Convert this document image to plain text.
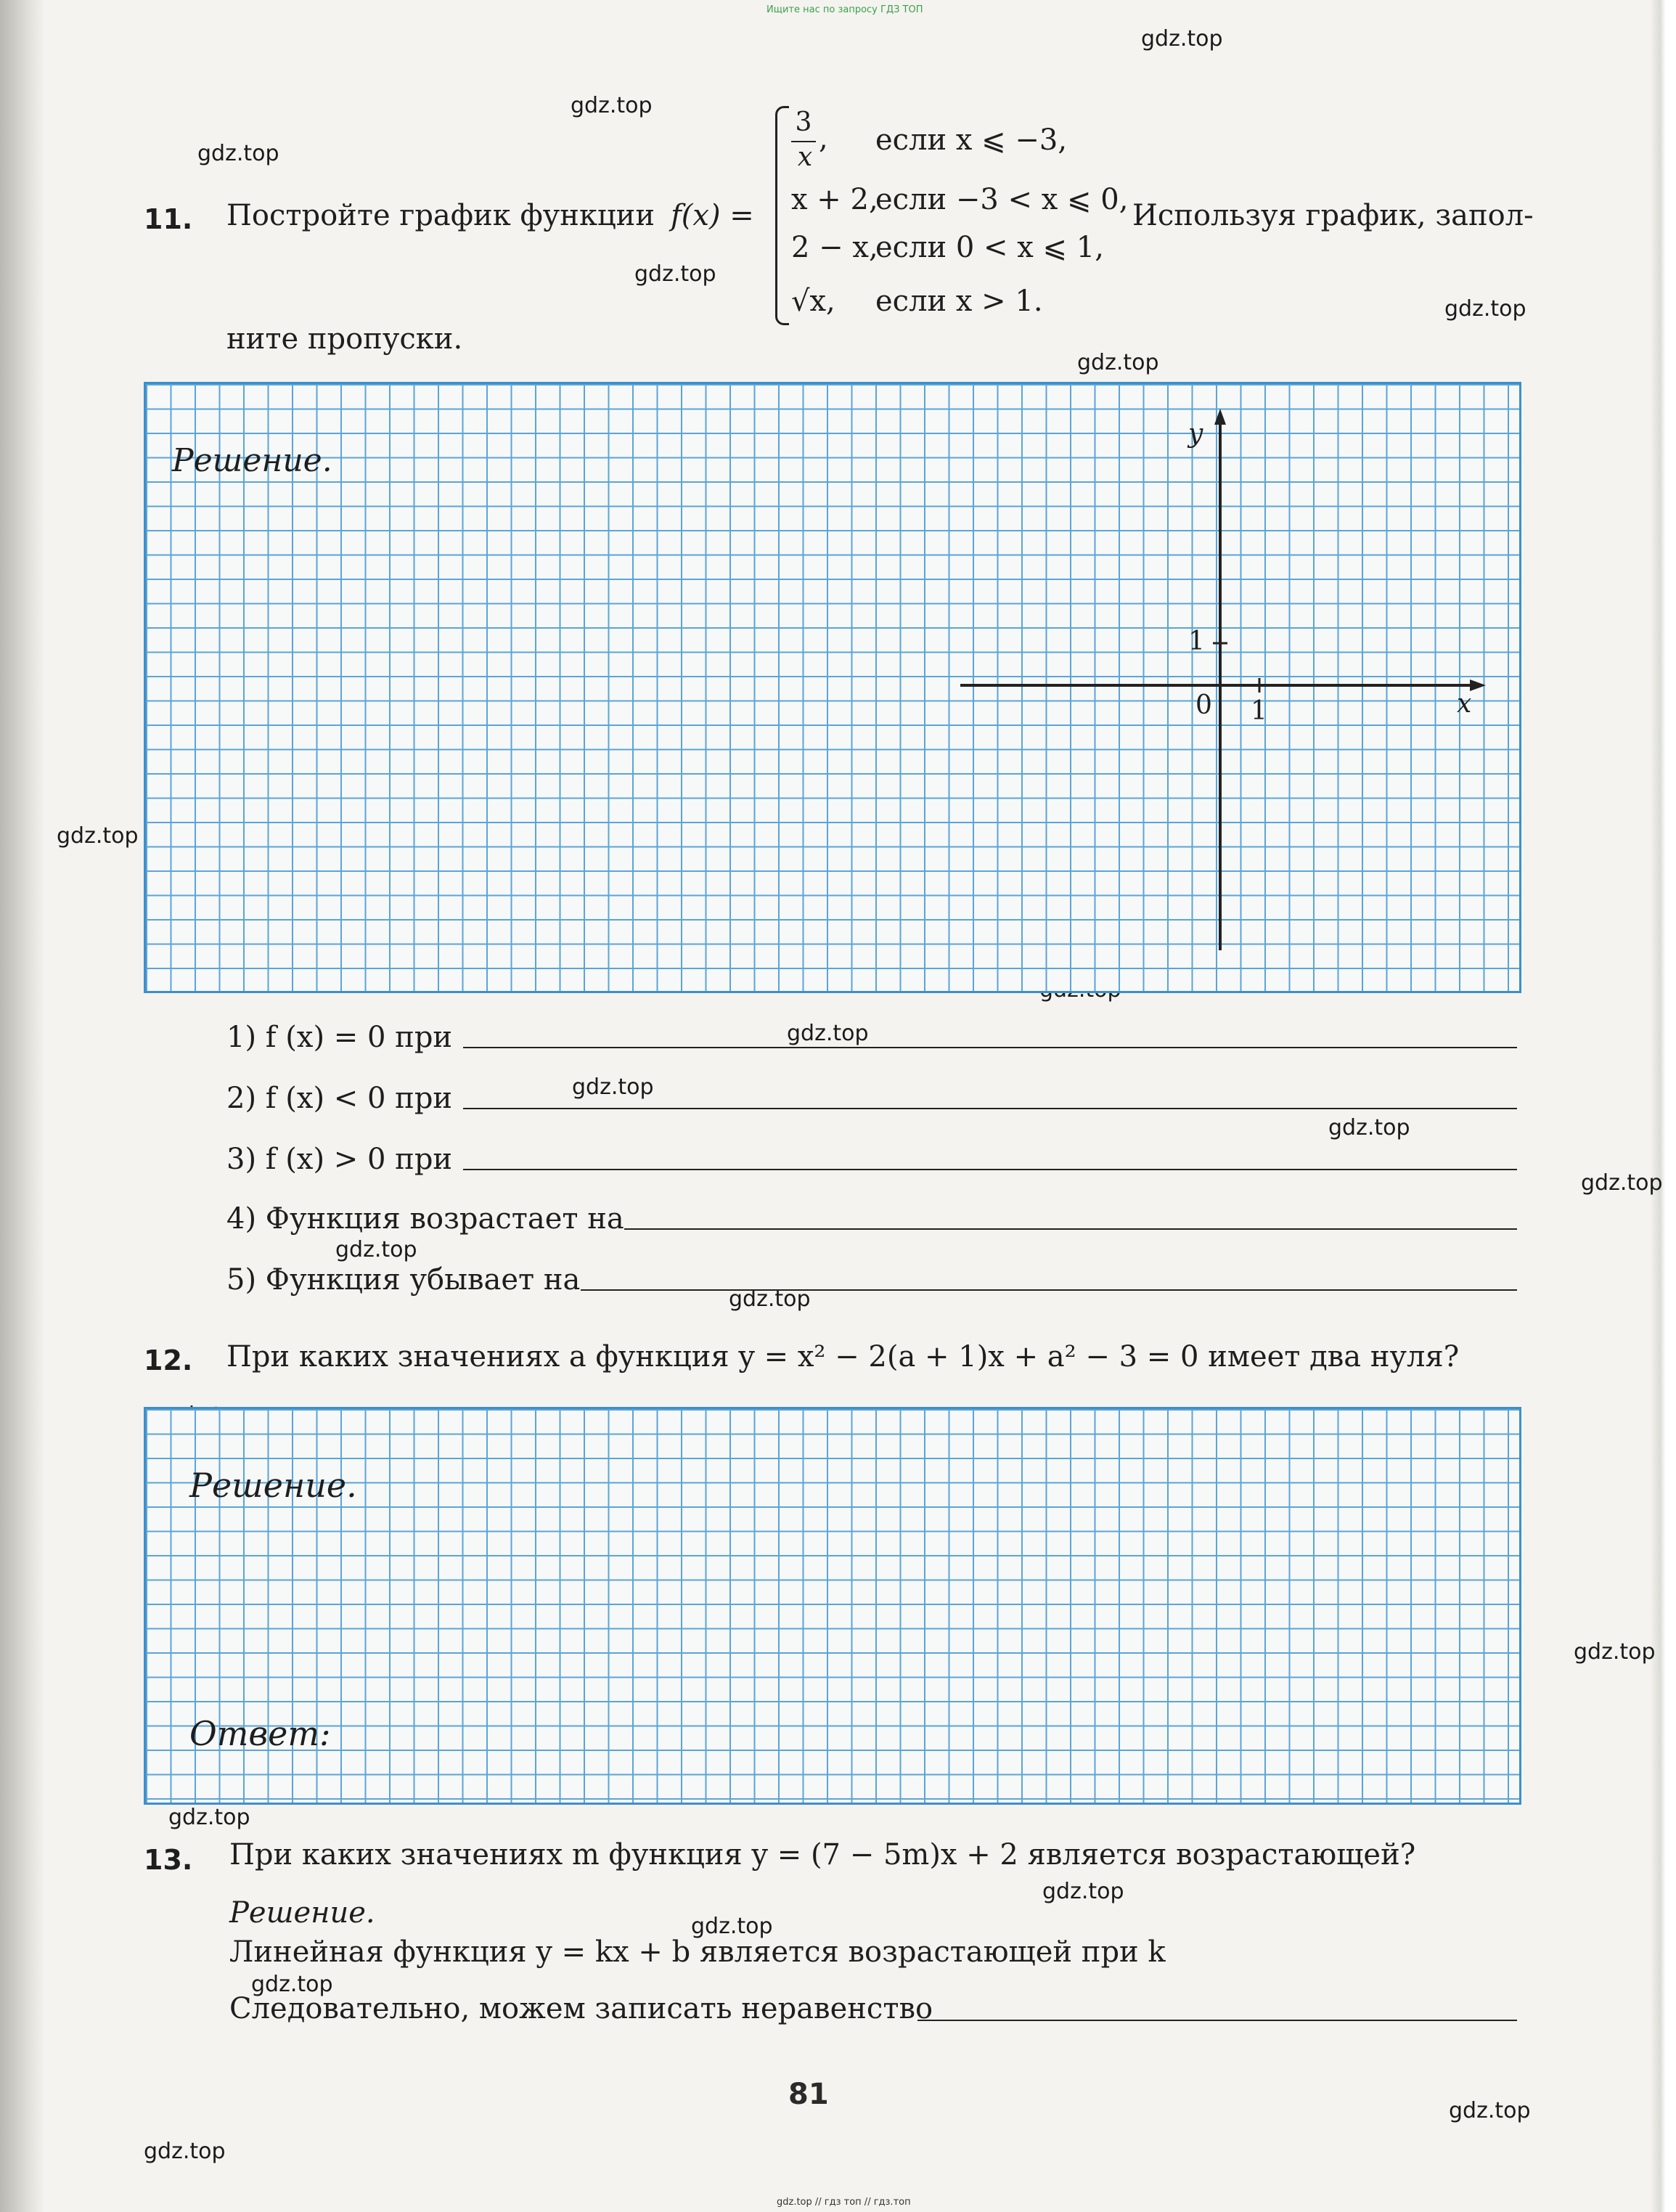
Ищите нас по запросу ГДЗ ТОП
gdz.top
gdz.top
gdz.top
gdz.top
gdz.top
gdz.top
gdz.top
gdz.top
gdz.top
gdz.top
gdz.top
gdz.top
gdz.top
gdz.top
gdz.top
gdz.top
gdz.top
gdz.top
gdz.top
gdz.top
11. Постройте график функции f(x) =
3
x
, если x ⩽ −3,
x + 2,
если −3 < x ⩽ 0,
2 − x,
если 0 < x ⩽ 1,
√x, если x > 1.
Используя график, запол-
ните пропуски.
Решение.
y
x
0 1
1
1) f (x) = 0 при
2) f (x) < 0 при
3) f (x) > 0 при
4) Функция возрастает на
5) Функция убывает на
12. При каких значениях a функция y = x² − 2(a + 1)x + a² − 3 = 0 имеет два нуля?
Решение.
Ответ:
13. При каких значениях m функция y = (7 − 5m)x + 2 является возрастающей?
Решение.
Линейная функция y = kx + b является возрастающей при k
Следовательно, можем записать неравенство
81
gdz.top // гдз топ // гдз.топ
